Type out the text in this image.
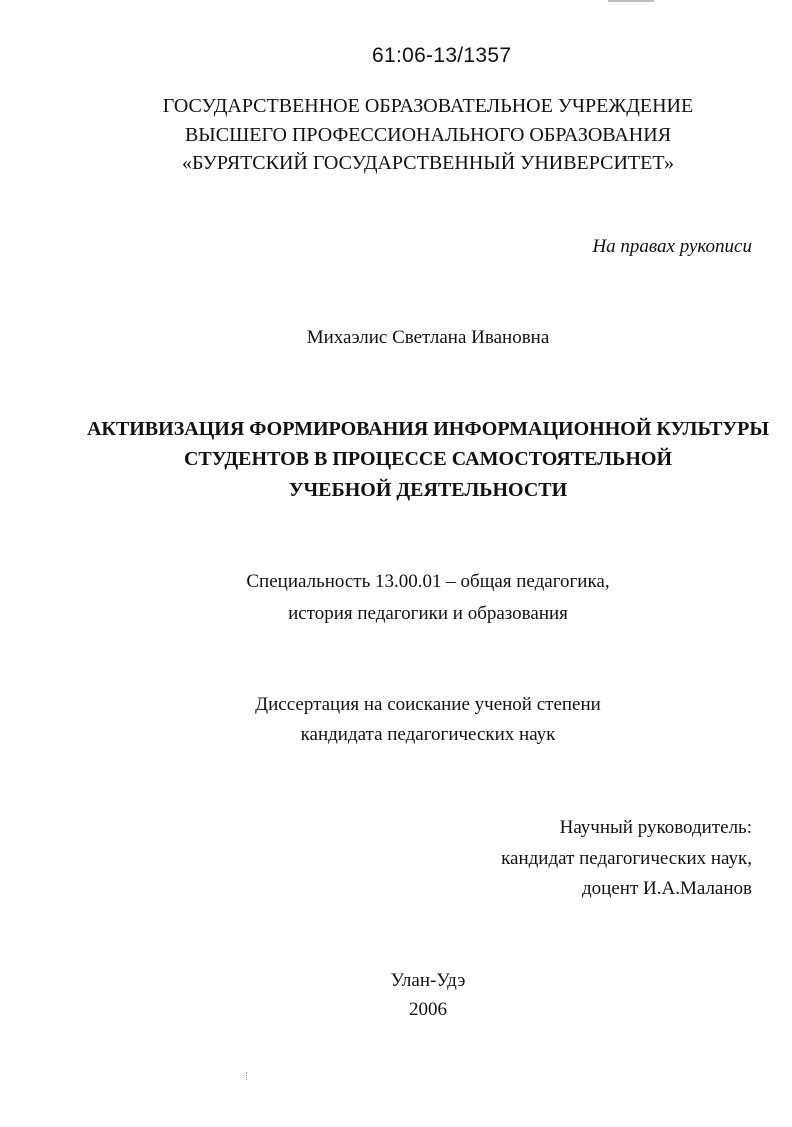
61:06-13/1357
ГОСУДАРСТВЕННОЕ ОБРАЗОВАТЕЛЬНОЕ УЧРЕЖДЕНИЕ
ВЫСШЕГО ПРОФЕССИОНАЛЬНОГО ОБРАЗОВАНИЯ
«БУРЯТСКИЙ ГОСУДАРСТВЕННЫЙ УНИВЕРСИТЕТ»
На правах рукописи
Михаэлис Светлана Ивановна
АКТИВИЗАЦИЯ ФОРМИРОВАНИЯ ИНФОРМАЦИОННОЙ КУЛЬТУРЫ
СТУДЕНТОВ В ПРОЦЕССЕ САМОСТОЯТЕЛЬНОЙ
УЧЕБНОЙ ДЕЯТЕЛЬНОСТИ
Специальность 13.00.01 – общая педагогика,
история педагогики и образования
Диссертация на соискание ученой степени
кандидата педагогических наук
Научный руководитель:
кандидат педагогических наук,
доцент И.А.Маланов
Улан-Удэ
2006
